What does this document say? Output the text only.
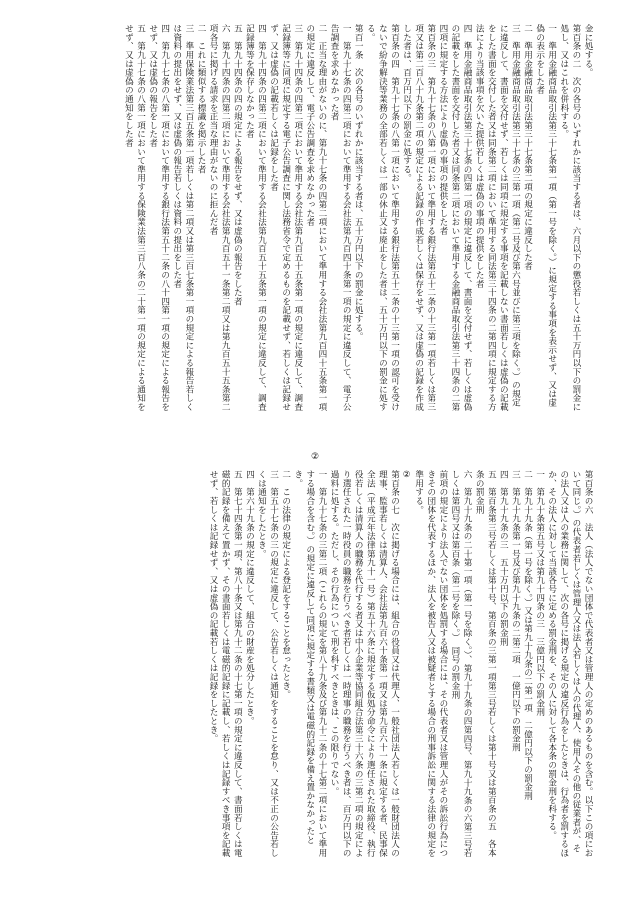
金に処する。
第百条の二　次の各号のいずれかに該当する者は、六月以下の懲役若しくは五十万円以下の罰金に処し、又はこれを併科する。
一　準用金融商品取引法第三十七条第一項（第一号を除く。）に規定する事項を表示せず、又は虚偽の表示をした者
二　準用金融商品取引法第三十七条第二項の規定に違反した者
三　準用金融商品取引法第三十七条の三第一項（第二号及び第六号並びに第三項を除く。）の規定に違反して、書面を交付せず、若しくは同項に規定する事項を記載しない書面若しくは虚偽の記載をした書面を交付した者又は同条第二項において準用する同法第三十四条の二第四項に規定する方法により当該事項を欠いた提供若しくは虚偽の事項の提供をした者
四　準用金融商品取引法第三十七条の四第一項の規定に違反して、書面を交付せず、若しくは虚偽の記載をした書面を交付した者又は同条第二項において準用する金融商品取引法第三十四条の二第四項に規定する方法により虚偽の事項の提供をした者
第百条の三　第九十七条の八第一項において準用する銀行法第五十二条の十三第一項若しくは第三項又は第二百八十九条第二項の規定による記録の作成若しくは保存をせず、又は虚偽の記録を作成した者は、百万円以下の罰金に処する。
第百条の四　第九十七条の八第一項において準用する銀行法第五十二条の十三第一項の認可を受けないで紛争解決等業務の全部若しくは一部の休止又は廃止をした者は、五十万円以下の罰金に処する。
第百一条　次の各号のいずれかに該当する者は、五十万円以下の罰金に処する。
一　第九十七条の四第二項において準用する会社法第九百四十条第一項の規定に違反して、電子公告調査を求めなかった者
二　正当な理由がないのに、第九十七条の四第二項において準用する会社法第九百四十五条第一項の規定に違反して、電子公告調査を求めなかった者
三　第九十四条の四第二項において準用する会社法第九百五十五条第一項の規定に違反して、調査記録簿等に同項に規定する電子公告調査に関し法務省令で定めるものを記載せず、若しくは記録せず、又は虚偽の記載若しくは記録をした者
四　第九十四条の四第二項において準用する会社法第九百五十五条第一項の規定に違反して、調査記録簿等を保存しなかった者
五　第九十四条の四の規定による報告をせず、又は虚偽の報告をした者
六　第九十四条の四第二項において準用する会社法第九百五十一条第二項又は第九百五十五条第二項各号に掲げる請求を正当な理由がないのに拒んだ者
二　これに類似する標識を掲示した者
三　準用保険業法第三百五条第一項若しくは第二項又は第三百七条第一項の規定による報告若しくは資料の提出をせず、又は虚偽の報告若しくは資料の提出をした者
四　第九十七条の八第一項において準用する銀行法第五十二条の八十四第一項の規定による報告をせず、又は虚偽の報告をした者
五　第九十七条の八第一項において準用する保険業法第三百八条の二十第一項の規定による通知をせず、又は虚偽の通知をした者
②
第百条の六　法人（法人でない団体で代表者又は管理人の定めのあるものを含む。以下この項において同じ。）の代表者若しくは管理人又は法人若しくは人の代理人、使用人その他の従業者が、その法人又は人の業務に関して、次の各号に掲げる規定の違反行為をしたときは、行為者を罰するほか、その法人に対して当該各号に定める罰金刑を、その人に対して各本条の罰金刑を科する。
一　第九十条第五号又は第九十四条の三　三億円以下の罰金刑
二　第九十九条（第一号を除く。）又は第九十九条の二第一項　二億円以下の罰金刑
三　第九十九条第一号及び第九十九条の二第二項　一億円以下の罰金刑
四　第九十九条の三　五十万円以下の罰金刑
五　第百条第三号若しくは第十号、第百条の三第一項第三号若しくは第十号又は第百条の五　各本条の罰金刑
六　第九十九条の二十第一項（第一号を除く。）、第九十九条の四第四号、第九十九条の六第三号若しくは第四号又は第百条（第二号を除く。）　同号の罰金刑
前項の規定により法人でない団体を処罰する場合には、その代表者又は管理人がその訴訟行為につきその団体を代表するほか、法人を被告人又は被疑者とする場合の刑事訴訟に関する法律の規定を準用する。
②
第百条の七　次に掲げる場合には、組合の役員又は代理人、一般社団法人若しくは一般財団法人の理事、監事若しくは清算人、会社法第九百六十条第一項又は第九百六十一条に規定する者、民事保全法（平成元年法律第九十一号）第五十六条に規定する仮処分命令により選任された取締役、執行役若しくは清算人の職務を代行する者又は中小企業等協同組合法第三十六条の三第二項の規定により選任された一時役員の職務を行うべき者若しくは一時理事の職務を行うべき者は、百万円以下の過料に処する。ただし、その行為について刑を科すべきときは、この限りでない。
一　第九十七条の三第二項（これらの規定を第八十九条及び第九十二条の十七第二項において準用する場合を含む。）の規定に違反して同項に規定する書類又は電磁的記録を備え置かなかったとき。
二　この法律の規定による登記をすることを怠ったとき。
三　第五十七条の三の規定に違反して、公告若しくは通知をすることを怠り、又は不正の公告若しくは通知をしたとき。
四　第六十九条の規定に違反して、組合の財産を処分したとき。
五　第七十四条第一項、第八十条又は第九十二条の十七第一項の規定に違反して、書面若しくは電磁的記録を備えて置かず、その書面若しくは電磁的記録に記載し、若しくは記録すべき事項を記載せず、若しくは記録せず、又は虚偽の記載若しくは記録をしたとき。
